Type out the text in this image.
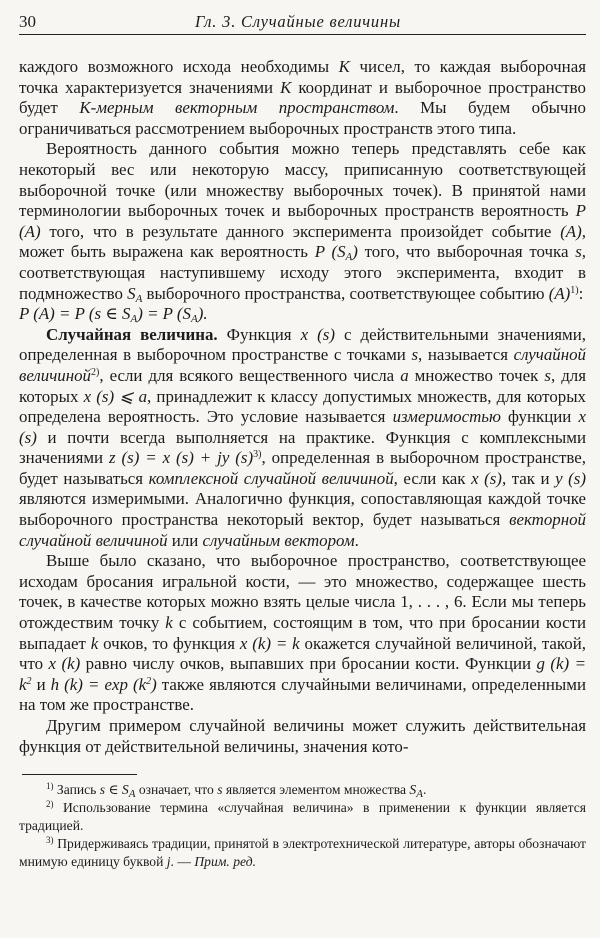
30	Гл. 3. Случайные величины

каждого возможного исхода необходимы K чисел, то каждая выборочная точка характеризуется значениями K координат и выборочное пространство будет K-мерным векторным пространством. Мы будем обычно ограничиваться рассмотрением выборочных пространств этого типа.

Вероятность данного события можно теперь представлять себе как некоторый вес или некоторую массу, приписанную соответствующей выборочной точке (или множеству выборочных точек). В принятой нами терминологии выборочных точек и выборочных пространств вероятность P (A) того, что в результате данного эксперимента произойдет событие (A), может быть выражена как вероятность P $(S_A)$ того, что выборочная точка s, соответствующая наступившему исходу этого эксперимента, входит в подмножество $S_A$ выборочного пространства, соответствующее событию $(A)^{1)}$:

P (A) = P (s ∈ $S_A) = P$ $(S_A)$.

Случайная величина. Функция x (s) с действительными значениями, определенная в выборочном пространстве с точками s, называется случайной величиной$^{2)}$, если для всякого вещественного числа a множество точек s, для которых x (s) ⩽ a, принадлежит к классу допустимых множеств, для которых определена вероятность. Это условие называется измеримостью функции x (s) и почти всегда выполняется на практике. Функция с комплексными значениями z (s) = x (s) + jy $(s)^{3)}$, определенная в выборочном пространстве, будет называться комплексной случайной величиной, если как x (s), так и y (s) являются измеримыми. Аналогично функция, сопоставляющая каждой точке выборочного пространства некоторый вектор, будет называться векторной случайной величиной или случайным вектором.

Выше было сказано, что выборочное пространство, соответствующее исходам бросания игральной кости, — это множество, содержащее шесть точек, в качестве которых можно взять целые числа 1, . . . , 6. Если мы теперь отождествим точку k с событием, состоящим в том, что при бросании кости выпадает k очков, то функция x (k) = k окажется случайной величиной, такой, что x (k) равно числу очков, выпавших при бросании кости. Функции g $(k) = k^2$ и h $(k) = \exp (k^2)$ также являются случайными величинами, определенными на том же пространстве.

Другим примером случайной величины может служить действительная функция от действительной величины, значения кото-

$^{1)}$ Запись s ∈ $S_A$ означает, что s является элементом множества $S_A$.

$^{2)}$ Использование термина «случайная величина» в применении к функции является традицией.

$^{3)}$ Придерживаясь традиции, принятой в электротехнической литературе, авторы обозначают мнимую единицу буквой j. — Прим. ред.
